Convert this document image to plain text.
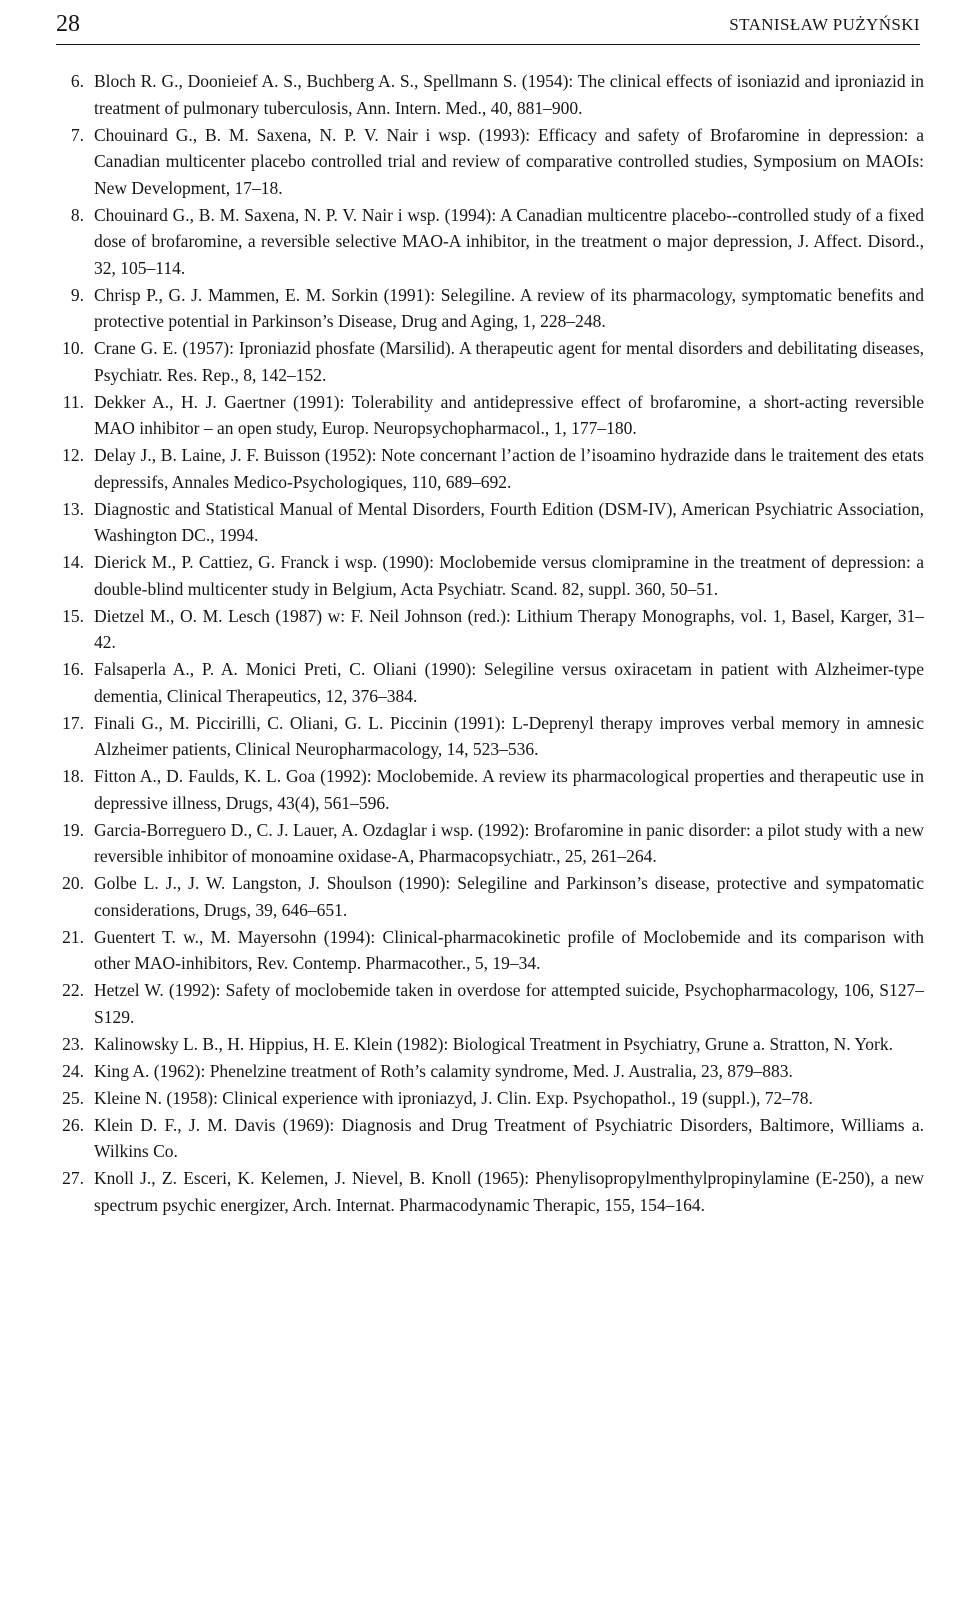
28	STANISŁAW PUŻYŃSKI
6. Bloch R. G., Doonieief A. S., Buchberg A. S., Spellmann S. (1954): The clinical effects of isoniazid and iproniazid in treatment of pulmonary tuberculosis, Ann. Intern. Med., 40, 881–900.
7. Chouinard G., B. M. Saxena, N. P. V. Nair i wsp. (1993): Efficacy and safety of Brofaromine in depression: a Canadian multicenter placebo controlled trial and review of comparative controlled studies, Symposium on MAOIs: New Development, 17–18.
8. Chouinard G., B. M. Saxena, N. P. V. Nair i wsp. (1994): A Canadian multicentre placebo--controlled study of a fixed dose of brofaromine, a reversible selective MAO-A inhibitor, in the treatment o major depression, J. Affect. Disord., 32, 105–114.
9. Chrisp P., G. J. Mammen, E. M. Sorkin (1991): Selegiline. A review of its pharmacology, symptomatic benefits and protective potential in Parkinson’s Disease, Drug and Aging, 1, 228–248.
10. Crane G. E. (1957): Iproniazid phosfate (Marsilid). A therapeutic agent for mental disorders and debilitating diseases, Psychiatr. Res. Rep., 8, 142–152.
11. Dekker A., H. J. Gaertner (1991): Tolerability and antidepressive effect of brofaromine, a short-acting reversible MAO inhibitor – an open study, Europ. Neuropsychopharmacol., 1, 177–180.
12. Delay J., B. Laine, J. F. Buisson (1952): Note concernant l’action de l’isoamino hydrazide dans le traitement des etats depressifs, Annales Medico-Psychologiques, 110, 689–692.
13. Diagnostic and Statistical Manual of Mental Disorders, Fourth Edition (DSM-IV), American Psychiatric Association, Washington DC., 1994.
14. Dierick M., P. Cattiez, G. Franck i wsp. (1990): Moclobemide versus clomipramine in the treatment of depression: a double-blind multicenter study in Belgium, Acta Psychiatr. Scand. 82, suppl. 360, 50–51.
15. Dietzel M., O. M. Lesch (1987) w: F. Neil Johnson (red.): Lithium Therapy Monographs, vol. 1, Basel, Karger, 31–42.
16. Falsaperla A., P. A. Monici Preti, C. Oliani (1990): Selegiline versus oxiracetam in patient with Alzheimer-type dementia, Clinical Therapeutics, 12, 376–384.
17. Finali G., M. Piccirilli, C. Oliani, G. L. Piccinin (1991): L-Deprenyl therapy improves verbal memory in amnesic Alzheimer patients, Clinical Neuropharmacology, 14, 523–536.
18. Fitton A., D. Faulds, K. L. Goa (1992): Moclobemide. A review its pharmacological properties and therapeutic use in depressive illness, Drugs, 43(4), 561–596.
19. Garcia-Borreguero D., C. J. Lauer, A. Ozdaglar i wsp. (1992): Brofaromine in panic disorder: a pilot study with a new reversible inhibitor of monoamine oxidase-A, Pharmacopsychiatr., 25, 261–264.
20. Golbe L. J., J. W. Langston, J. Shoulson (1990): Selegiline and Parkinson’s disease, protective and sympatomatic considerations, Drugs, 39, 646–651.
21. Guentert T. w., M. Mayersohn (1994): Clinical-pharmacokinetic profile of Moclobemide and its comparison with other MAO-inhibitors, Rev. Contemp. Pharmacother., 5, 19–34.
22. Hetzel W. (1992): Safety of moclobemide taken in overdose for attempted suicide, Psychopharmacology, 106, S127–S129.
23. Kalinowsky L. B., H. Hippius, H. E. Klein (1982): Biological Treatment in Psychiatry, Grune a. Stratton, N. York.
24. King A. (1962): Phenelzine treatment of Roth’s calamity syndrome, Med. J. Australia, 23, 879–883.
25. Kleine N. (1958): Clinical experience with iproniazyd, J. Clin. Exp. Psychopathol., 19 (suppl.), 72–78.
26. Klein D. F., J. M. Davis (1969): Diagnosis and Drug Treatment of Psychiatric Disorders, Baltimore, Williams a. Wilkins Co.
27. Knoll J., Z. Esceri, K. Kelemen, J. Nievel, B. Knoll (1965): Phenylisopropylmenthylpropinylamine (E-250), a new spectrum psychic energizer, Arch. Internat. Pharmacodynamic Therapic, 155, 154–164.
